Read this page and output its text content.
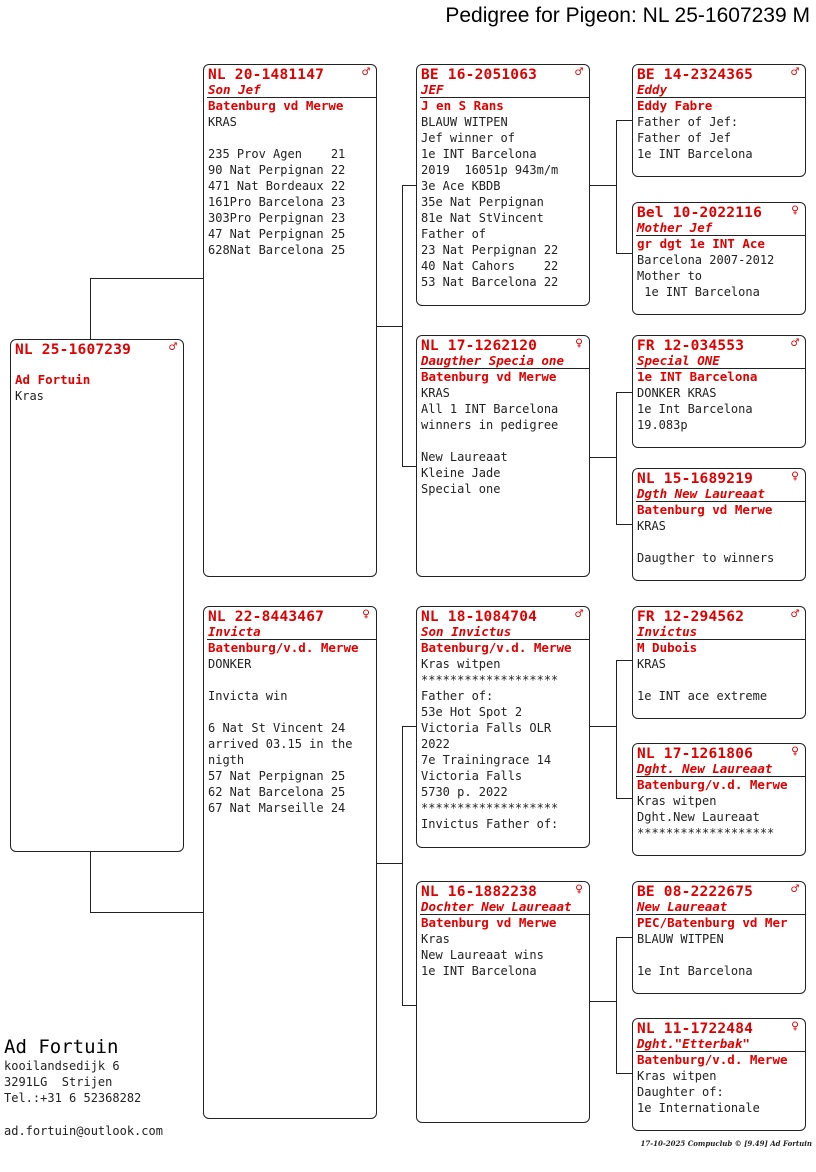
Pedigree for Pigeon: NL 25-1607239 M
NL 25-1607239	♂
Ad Fortuin
Kras
NL 20-1481147	♂
Son Jef
Batenburg vd Merwe
KRAS

235 Prov Agen    21
90 Nat Perpignan 22
471 Nat Bordeaux 22
161Pro Barcelona 23
303Pro Perpignan 23
47 Nat Perpignan 25
628Nat Barcelona 25
NL 22-8443467	♀
Invicta
Batenburg/v.d. Merwe
DONKER

Invicta win

6 Nat St Vincent 24
arrived 03.15 in the
nigth
57 Nat Perpignan 25
62 Nat Barcelona 25
67 Nat Marseille 24
BE 16-2051063	♂
JEF
J en S Rans
BLAUW WITPEN
Jef winner of
1e INT Barcelona
2019  16051p 943m/m
3e Ace KBDB
35e Nat Perpignan
81e Nat StVincent
Father of
23 Nat Perpignan 22
40 Nat Cahors    22
53 Nat Barcelona 22
NL 17-1262120	♀
Daugther Specia one
Batenburg vd Merwe
KRAS
All 1 INT Barcelona
winners in pedigree

New Laureaat
Kleine Jade
Special one
NL 18-1084704	♂
Son Invictus
Batenburg/v.d. Merwe
Kras witpen
*******************
Father of:
53e Hot Spot 2
Victoria Falls OLR
2022
7e Trainingrace 14
Victoria Falls
5730 p. 2022
*******************
Invictus Father of:
NL 16-1882238	♀
Dochter New Laureaat
Batenburg vd Merwe
Kras
New Laureaat wins
1e INT Barcelona
BE 14-2324365	♂
Eddy
Eddy Fabre
Father of Jef:
Father of Jef
1e INT Barcelona
Bel 10-2022116 ♀
Mother Jef
gr dgt 1e INT Ace
Barcelona 2007-2012
Mother to
1e INT Barcelona
FR 12-034553	♂
Special ONE
1e INT Barcelona
DONKER KRAS
1e Int Barcelona
19.083p
NL 15-1689219	♀
Dgth New Laureaat
Batenburg vd Merwe
KRAS

Daugther to winners
FR 12-294562	♂
Invictus
M Dubois
KRAS

1e INT ace extreme
NL 17-1261806	♀
Dght. New Laureaat
Batenburg/v.d. Merwe
Kras witpen
Dght.New Laureaat
*******************
BE 08-2222675	♂
New Laureaat
PEC/Batenburg vd Mer
BLAUW WITPEN

1e Int Barcelona
NL 11-1722484	♀
Dght."Etterbak"
Batenburg/v.d. Merwe
Kras witpen
Daughter of:
1e Internationale
Ad Fortuin
kooilandsedijk 6
3291LG  Strijen
Tel.:+31 6 52368282
ad.fortuin@outlook.com
17-10-2025 Compuclub © [9.49] Ad Fortuin
